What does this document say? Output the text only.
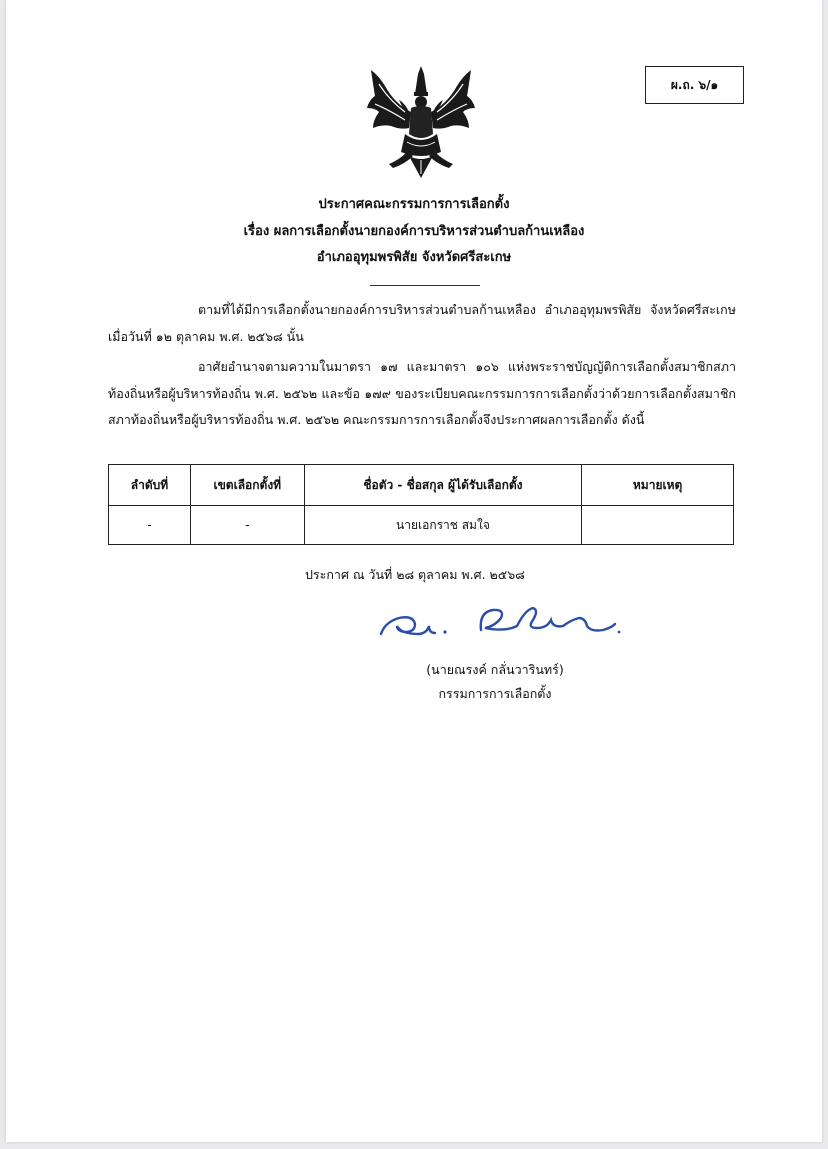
ผ.ถ. ๖/๑
ประกาศคณะกรรมการการเลือกตั้ง
เรื่อง ผลการเลือกตั้งนายกองค์การบริหารส่วนตำบลก้านเหลือง
อำเภออุทุมพรพิสัย จังหวัดศรีสะเกษ
ตามที่ได้มีการเลือกตั้งนายกองค์การบริหารส่วนตำบลก้านเหลือง อำเภออุทุมพรพิสัย จังหวัดศรีสะเกษ เมื่อวันที่ ๑๒ ตุลาคม พ.ศ. ๒๕๖๘ นั้น
อาศัยอำนาจตามความในมาตรา ๑๗ และมาตรา ๑๐๖ แห่งพระราชบัญญัติการเลือกตั้งสมาชิกสภาท้องถิ่นหรือผู้บริหารท้องถิ่น พ.ศ. ๒๕๖๒ และข้อ ๑๗๙ ของระเบียบคณะกรรมการการเลือกตั้งว่าด้วยการเลือกตั้งสมาชิกสภาท้องถิ่นหรือผู้บริหารท้องถิ่น พ.ศ. ๒๕๖๒ คณะกรรมการการเลือกตั้งจึงประกาศผลการเลือกตั้ง ดังนี้
ลำดับที่	เขตเลือกตั้งที่	ชื่อตัว - ชื่อสกุล ผู้ได้รับเลือกตั้ง	หมายเหตุ
-	-	นายเอกราช สมใจ	
ประกาศ ณ วันที่ ๒๘ ตุลาคม พ.ศ. ๒๕๖๘
(นายณรงค์ กลั่นวารินทร์)
กรรมการการเลือกตั้ง
